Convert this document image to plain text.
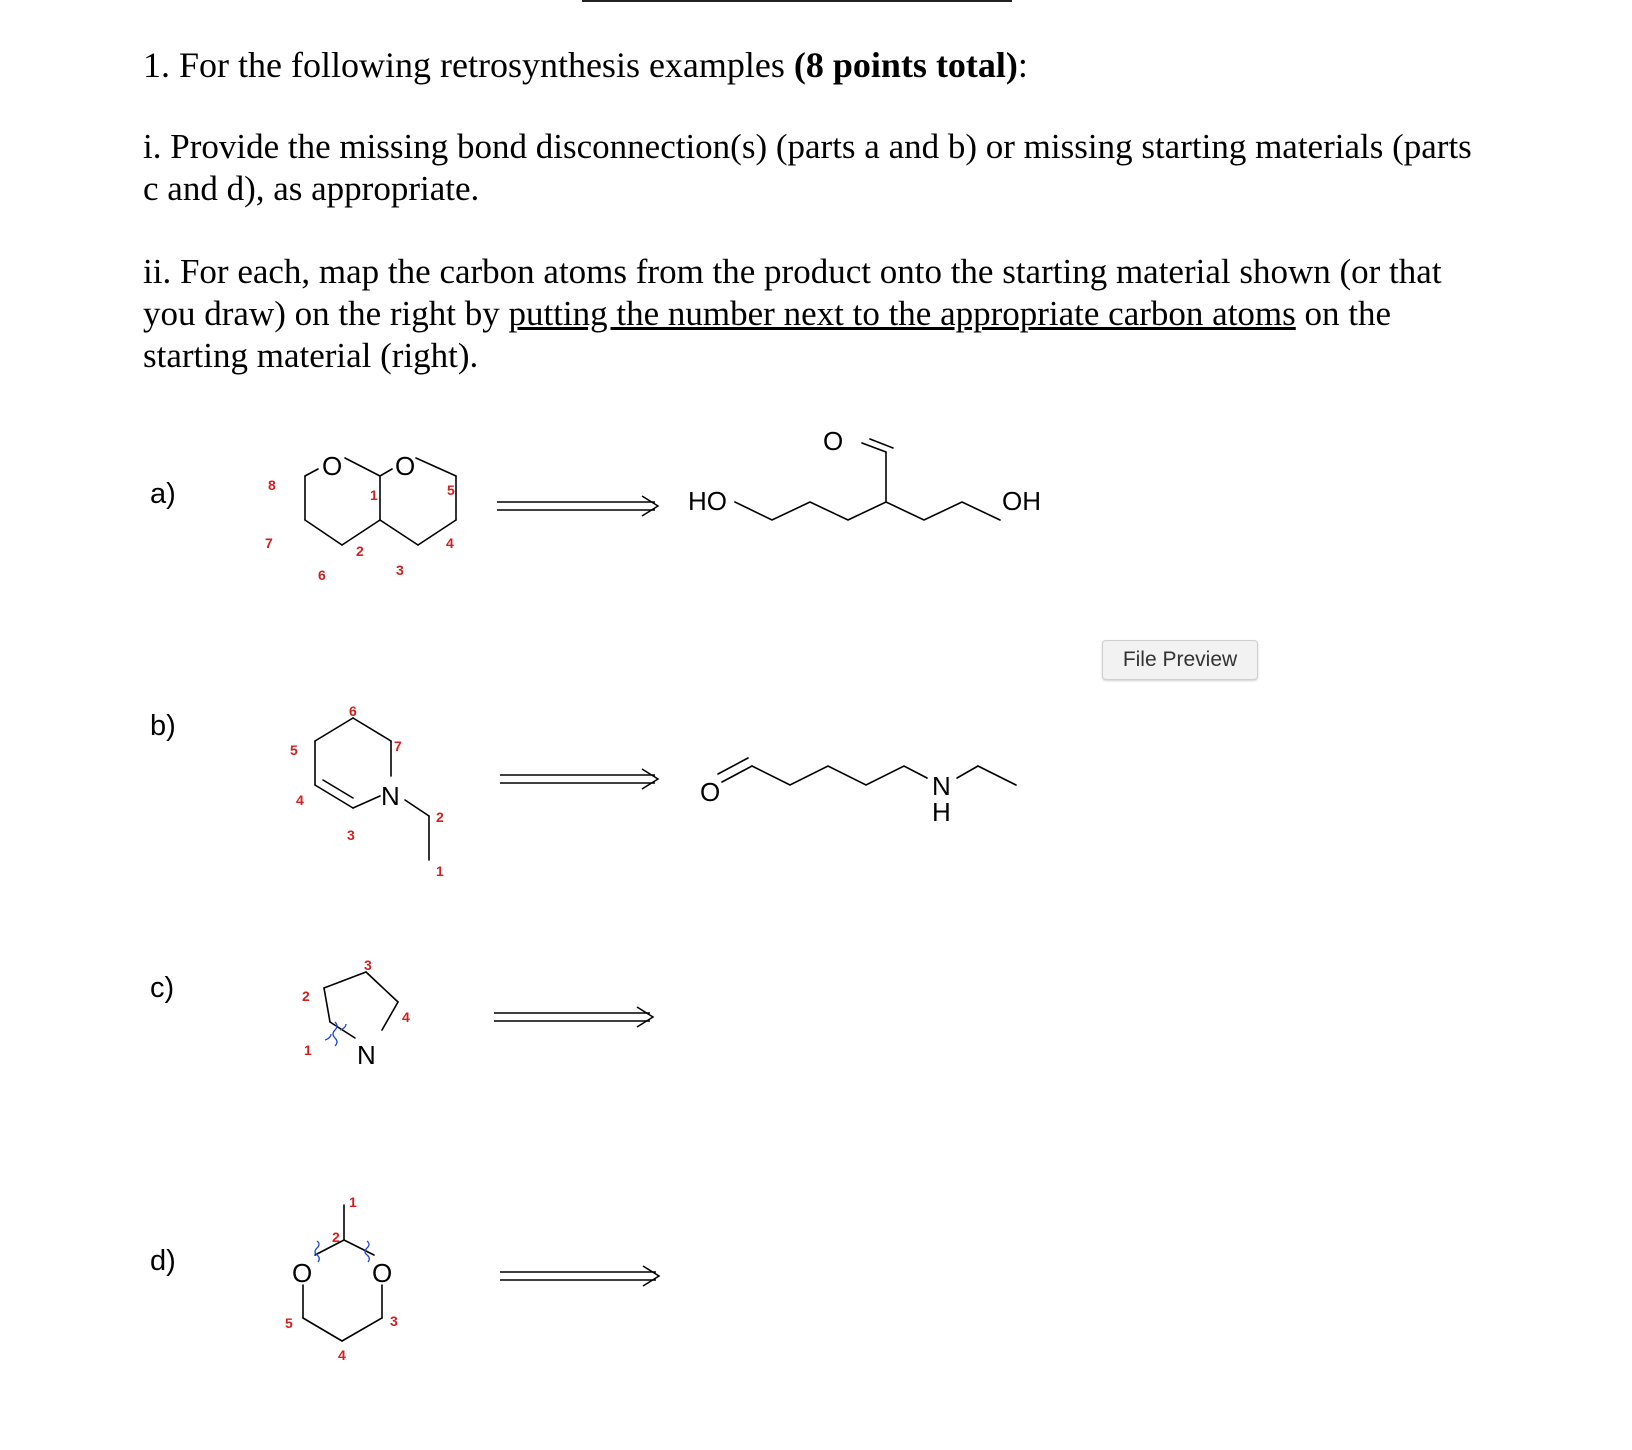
1. For the following retrosynthesis examples (8 points total):
i. Provide the missing bond disconnection(s) (parts a and b) or missing starting materials (parts c and d), as appropriate.
ii. For each, map the carbon atoms from the product onto the starting material shown (or that you draw) on the right by putting the number next to the appropriate carbon atoms on the starting material (right).
a)
b)
c)
d)
File Preview
O O
1
2
3
4
5
6
7
8
HO	OH
O
N
1
2
3
4
5
6
7
O	N
H
N
1
2
3
4
O O
1
2
3
4
5
